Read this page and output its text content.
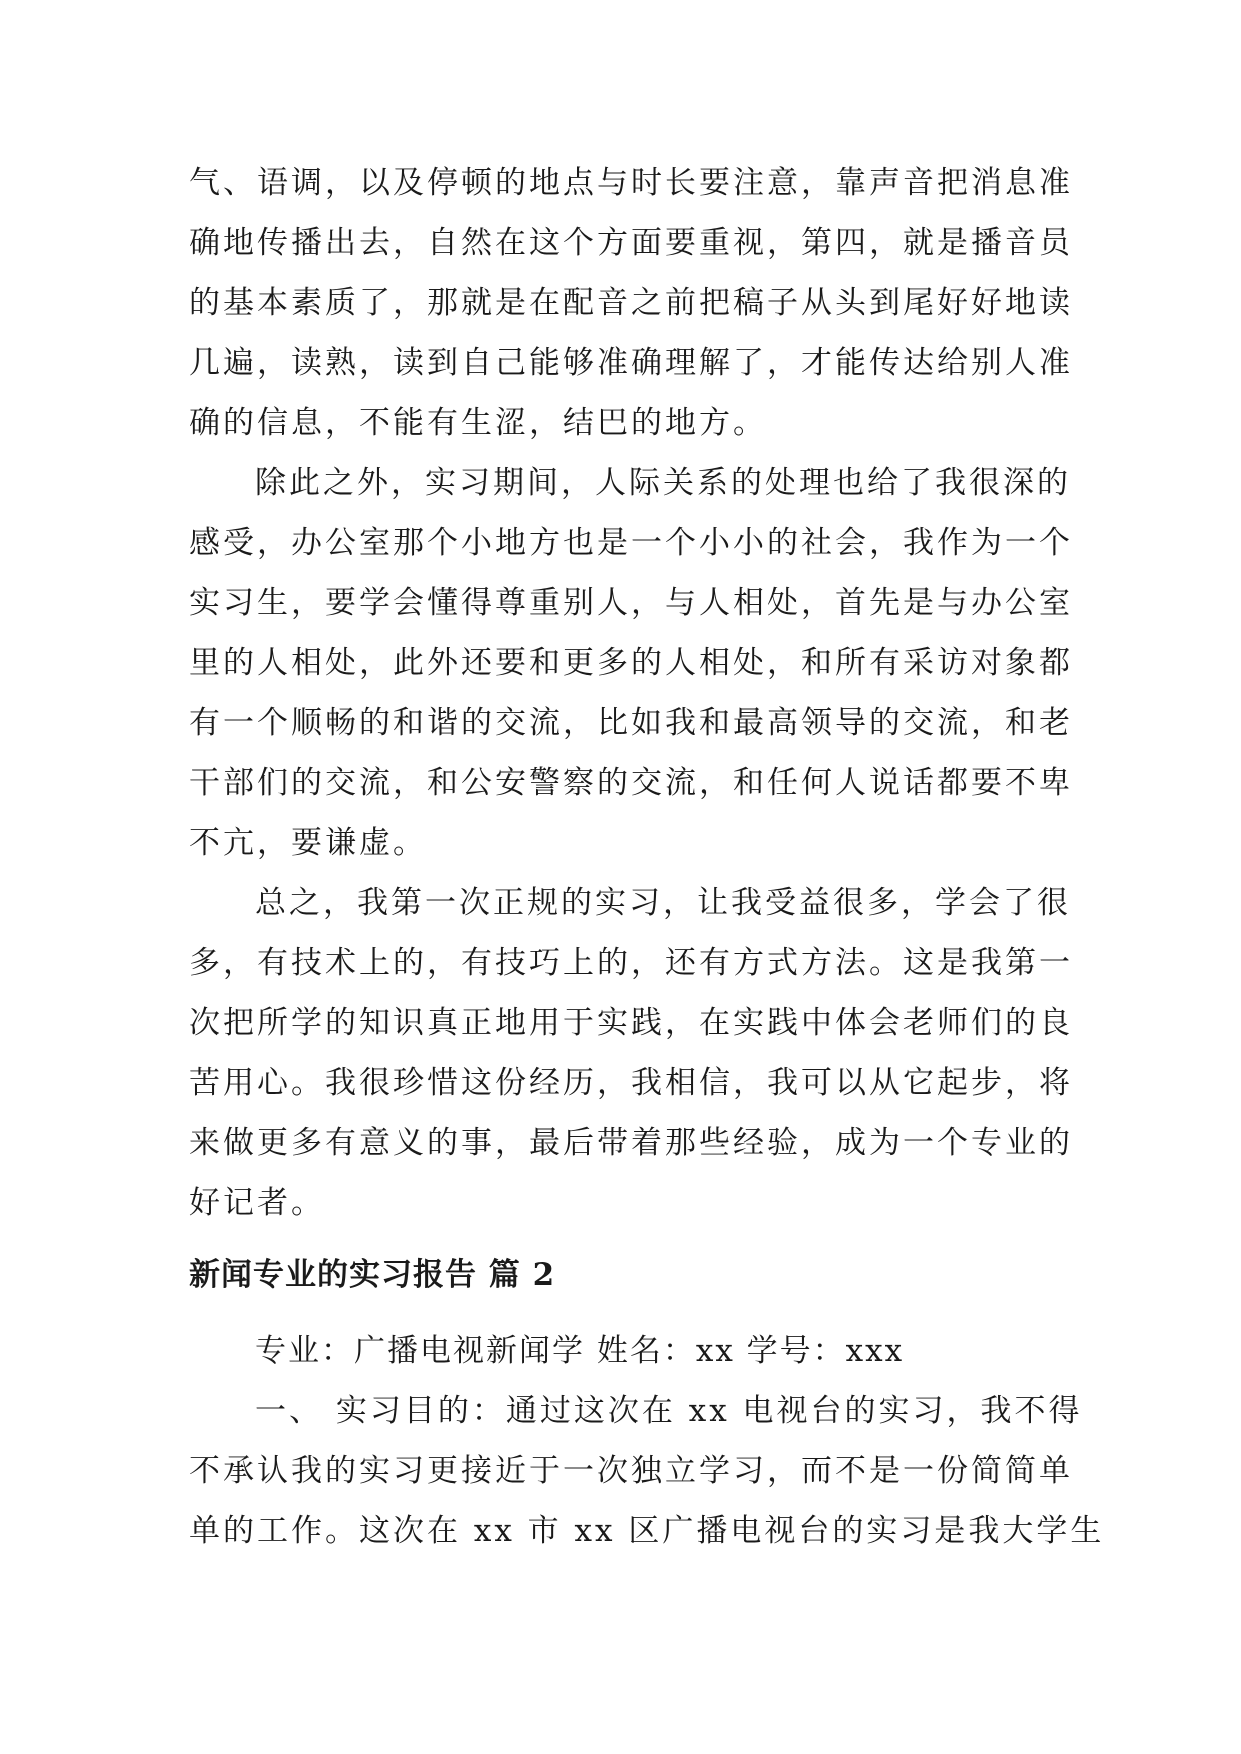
气、语调，以及停顿的地点与时长要注意，靠声音把消息准
确地传播出去，自然在这个方面要重视，第四，就是播音员
的基本素质了，那就是在配音之前把稿子从头到尾好好地读
几遍，读熟，读到自己能够准确理解了，才能传达给别人准
确的信息，不能有生涩，结巴的地方。

除此之外，实习期间，人际关系的处理也给了我很深的
感受，办公室那个小地方也是一个小小的社会，我作为一个
实习生，要学会懂得尊重别人，与人相处，首先是与办公室
里的人相处，此外还要和更多的人相处，和所有采访对象都
有一个顺畅的和谐的交流，比如我和最高领导的交流，和老
干部们的交流，和公安警察的交流，和任何人说话都要不卑
不亢，要谦虚。

总之，我第一次正规的实习，让我受益很多，学会了很
多，有技术上的，有技巧上的，还有方式方法。这是我第一
次把所学的知识真正地用于实践，在实践中体会老师们的良
苦用心。我很珍惜这份经历，我相信，我可以从它起步，将
来做更多有意义的事，最后带着那些经验，成为一个专业的
好记者。

新闻专业的实习报告 篇 2

专业：广播电视新闻学 姓名：xx 学号：xxx

一、 实习目的：通过这次在 xx 电视台的实习，我不得
不承认我的实习更接近于一次独立学习，而不是一份简简单
单的工作。这次在 xx 市 xx 区广播电视台的实习是我大学生
